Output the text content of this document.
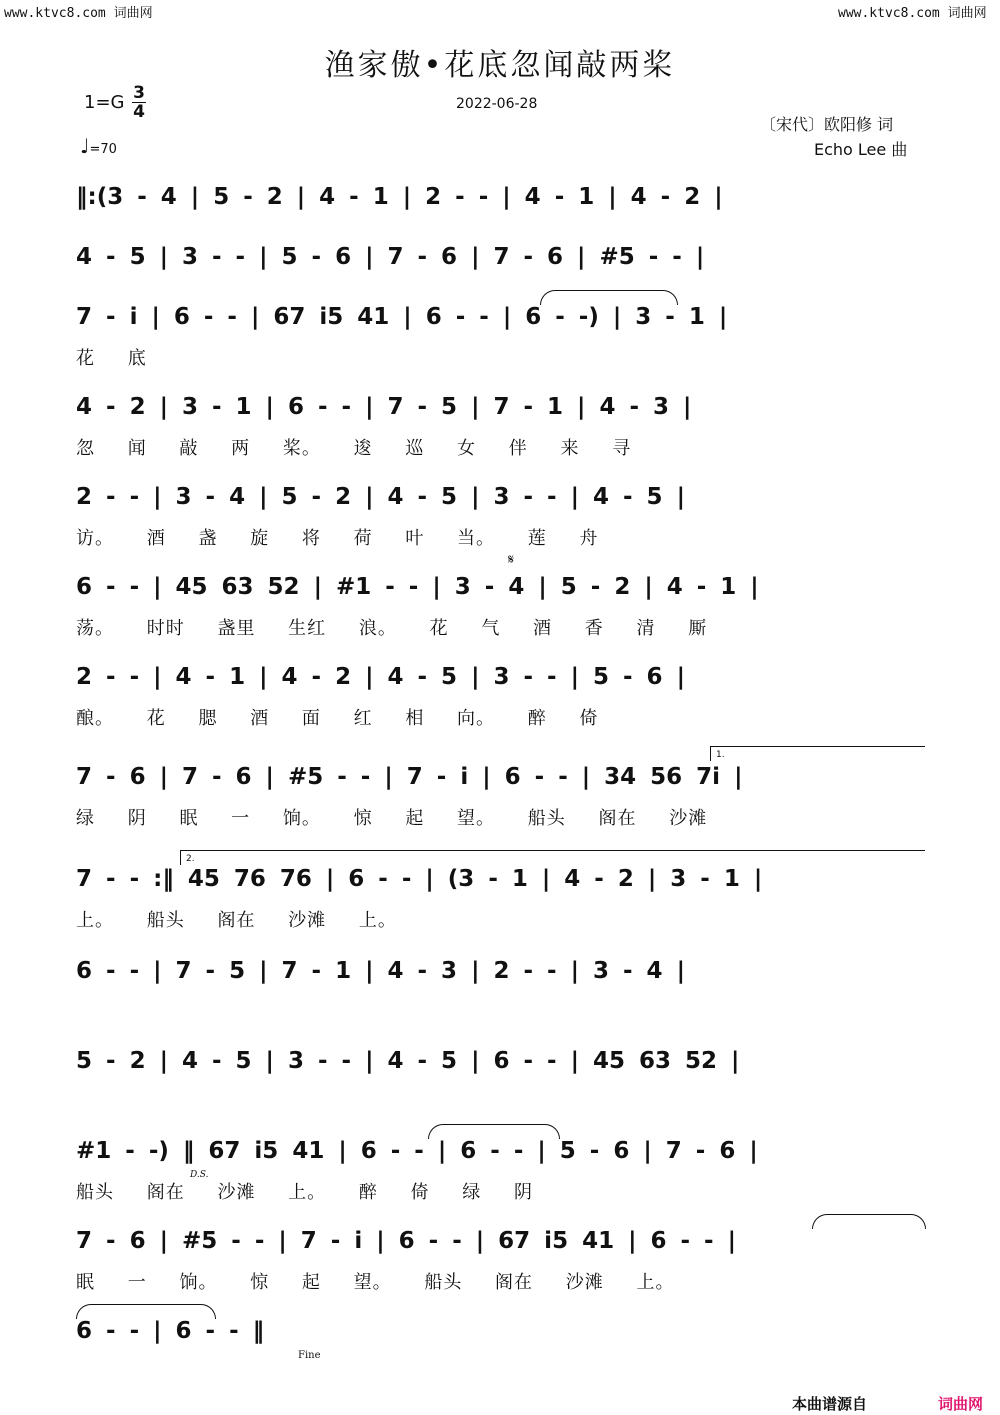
www.ktvc8.com 词曲网	www.ktvc8.com 词曲网
渔家傲•花底忽闻敲两桨
1=G 3
4
♩=70
2022-06-28
〔宋代〕欧阳修 词
Echo Lee 曲
‖:(3 - 4 | 5 - 2 | 4 - 1 | 2 - - | 4 - 1 | 4 - 2 |
4 - 5 | 3 - - | 5 - 6 | 7 - 6 | 7 - 6 | #5 - - |
7 - i | 6 - - | 67 i5 41 | 6 - - | 6 - -) | 3 - 1 |
花 底
4 - 2 | 3 - 1 | 6 - - | 7 - 5 | 7 - 1 | 4 - 3 |
忽 闻 敲 两 桨。 逡 巡 女 伴 来 寻
2 - - | 3 - 4 | 5 - 2 | 4 - 5 | 3 - - | 4 - 5 |
访。 酒 盏 旋 将 荷 叶 当。 莲 舟
6 - - | 45 63 52 | #1 - - | 3 - 4 | 5 - 2 | 4 - 1 |
荡。 时时 盏里 生红 浪。 花 气 酒 香 清 厮
2 - - | 4 - 1 | 4 - 2 | 4 - 5 | 3 - - | 5 - 6 |
酿。 花 腮 酒 面 红 相 向。 醉 倚
7 - 6 | 7 - 6 | #5 - - | 7 - i | 6 - - | 34 56 7i |
绿 阴 眠 一 饷。 惊 起 望。 船头 阁在 沙滩
7 - - :‖ 45 76 76 | 6 - - | (3 - 1 | 4 - 2 | 3 - 1 |
上。 船头 阁在 沙滩 上。
6 - - | 7 - 5 | 7 - 1 | 4 - 3 | 2 - - | 3 - 4 |
5 - 2 | 4 - 5 | 3 - - | 4 - 5 | 6 - - | 45 63 52 |
#1 - -) ‖ 67 i5 41 | 6 - - | 6 - - | 5 - 6 | 7 - 6 |
船头 阁在 沙滩 上。 醉 倚 绿 阴
7 - 6 | #5 - - | 7 - i | 6 - - | 67 i5 41 | 6 - - |
眠 一 饷。 惊 起 望。 船头 阁在 沙滩 上。
6 - - | 6 - - ‖
1.
2.
𝄋
D.S.
Fine
本曲谱源自	词曲网
